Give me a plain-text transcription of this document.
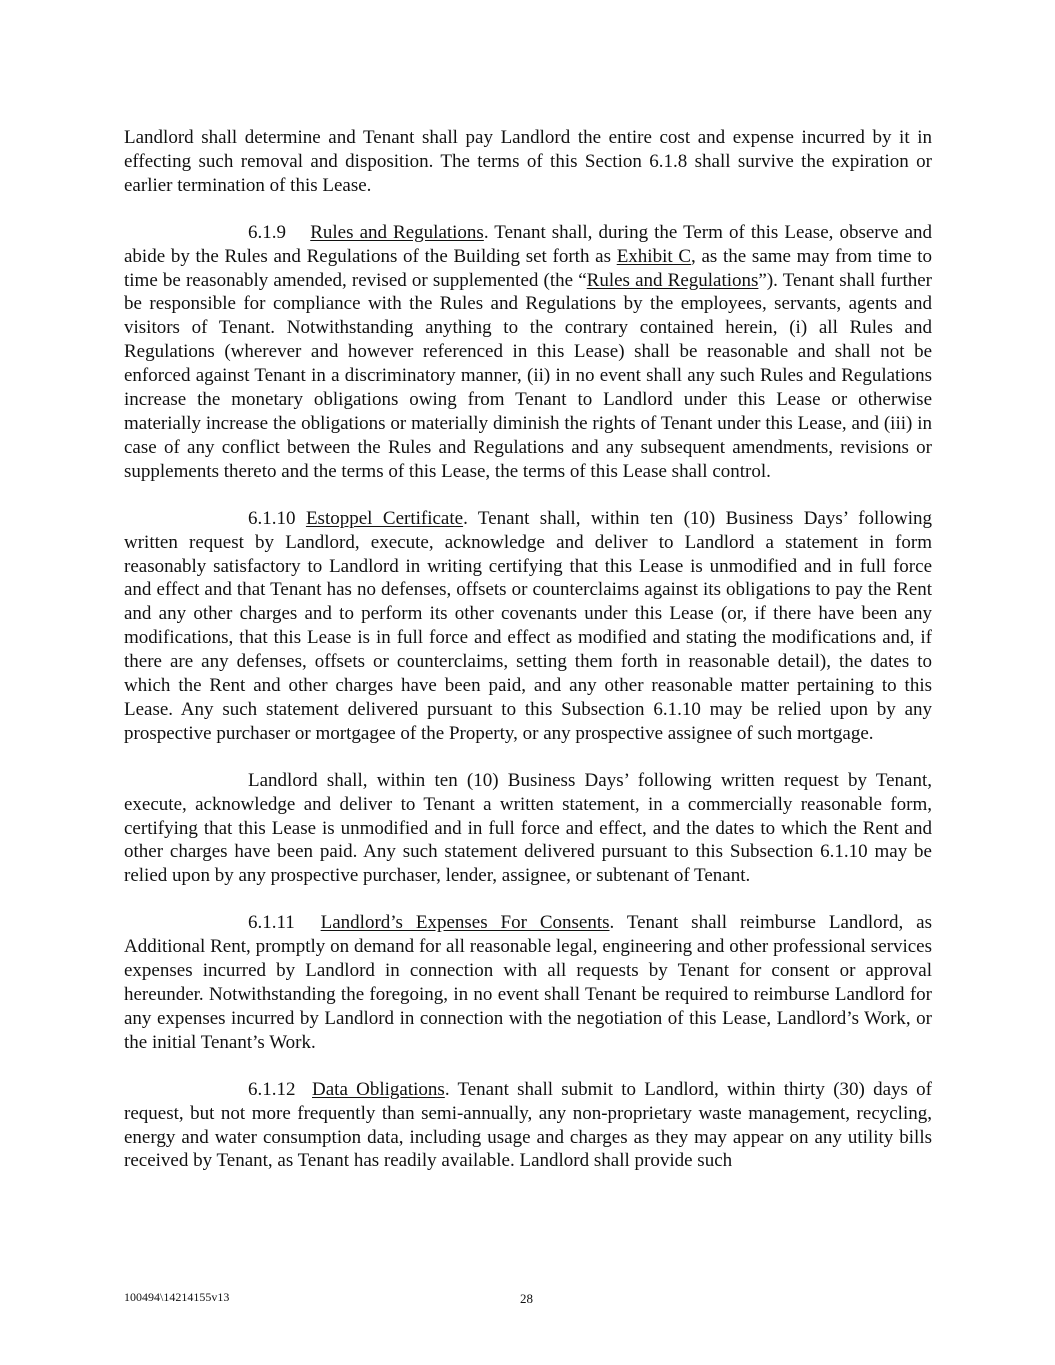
Landlord shall determine and Tenant shall pay Landlord the entire cost and expense incurred by it in effecting such removal and disposition. The terms of this Section 6.1.8 shall survive the expiration or earlier termination of this Lease.

6.1.9 Rules and Regulations. Tenant shall, during the Term of this Lease, observe and abide by the Rules and Regulations of the Building set forth as Exhibit C, as the same may from time to time be reasonably amended, revised or supplemented (the “Rules and Regulations”). Tenant shall further be responsible for compliance with the Rules and Regulations by the employees, servants, agents and visitors of Tenant. Notwithstanding anything to the contrary contained herein, (i) all Rules and Regulations (wherever and however referenced in this Lease) shall be reasonable and shall not be enforced against Tenant in a discriminatory manner, (ii) in no event shall any such Rules and Regulations increase the monetary obligations owing from Tenant to Landlord under this Lease or otherwise materially increase the obligations or materially diminish the rights of Tenant under this Lease, and (iii) in case of any conflict between the Rules and Regulations and any subsequent amendments, revisions or supplements thereto and the terms of this Lease, the terms of this Lease shall control.

6.1.10 Estoppel Certificate. Tenant shall, within ten (10) Business Days’ following written request by Landlord, execute, acknowledge and deliver to Landlord a statement in form reasonably satisfactory to Landlord in writing certifying that this Lease is unmodified and in full force and effect and that Tenant has no defenses, offsets or counterclaims against its obligations to pay the Rent and any other charges and to perform its other covenants under this Lease (or, if there have been any modifications, that this Lease is in full force and effect as modified and stating the modifications and, if there are any defenses, offsets or counterclaims, setting them forth in reasonable detail), the dates to which the Rent and other charges have been paid, and any other reasonable matter pertaining to this Lease. Any such statement delivered pursuant to this Subsection 6.1.10 may be relied upon by any prospective purchaser or mortgagee of the Property, or any prospective assignee of such mortgage.

Landlord shall, within ten (10) Business Days’ following written request by Tenant, execute, acknowledge and deliver to Tenant a written statement, in a commercially reasonable form, certifying that this Lease is unmodified and in full force and effect, and the dates to which the Rent and other charges have been paid. Any such statement delivered pursuant to this Subsection 6.1.10 may be relied upon by any prospective purchaser, lender, assignee, or subtenant of Tenant.

6.1.11 Landlord’s Expenses For Consents. Tenant shall reimburse Landlord, as Additional Rent, promptly on demand for all reasonable legal, engineering and other professional services expenses incurred by Landlord in connection with all requests by Tenant for consent or approval hereunder. Notwithstanding the foregoing, in no event shall Tenant be required to reimburse Landlord for any expenses incurred by Landlord in connection with the negotiation of this Lease, Landlord’s Work, or the initial Tenant’s Work.

6.1.12 Data Obligations. Tenant shall submit to Landlord, within thirty (30) days of request, but not more frequently than semi-annually, any non-proprietary waste management, recycling, energy and water consumption data, including usage and charges as they may appear on any utility bills received by Tenant, as Tenant has readily available. Landlord shall provide such

100494\14214155v13	28
